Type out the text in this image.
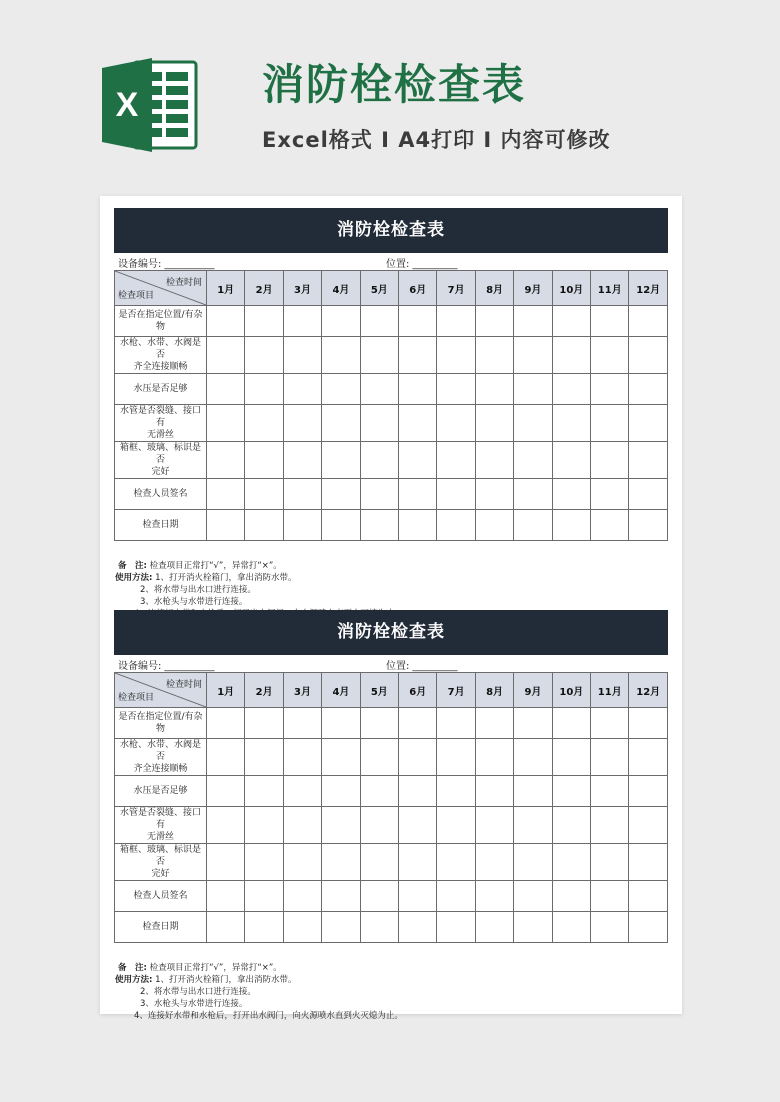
X	消防栓检查表
Excel格式 I A4打印 I 内容可修改
消防栓检查表
设备编号: __________	位置: _________
检查时间
检查项目	1月	2月	3月	4月	5月	6月	7月	8月	9月	10月	11月	12月

是否在指定位置/有杂物												

水枪、水带、水阀是否
齐全连接顺畅												

水压是否足够												

水管是否裂缝、接口有
无滑丝												

箱框、玻璃、标识是否
完好												

检查人员签名												

检查日期												

备　注: 检查项目正常打“√”，异常打“×”。
使用方法: 1、打开消火栓箱门，拿出消防水带。
2、将水带与出水口进行连接。
3、水枪头与水带进行连接。
消防栓检查表
设备编号: __________	位置: _________
检查时间
检查项目	1月	2月	3月	4月	5月	6月	7月	8月	9月	10月	11月	12月

是否在指定位置/有杂物												

水枪、水带、水阀是否
齐全连接顺畅												

水压是否足够												

水管是否裂缝、接口有
无滑丝												

箱框、玻璃、标识是否
完好												

检查人员签名												

检查日期												

备　注: 检查项目正常打“√”，异常打“×”。
使用方法: 1、打开消火栓箱门，拿出消防水带。
2、将水带与出水口进行连接。
3、水枪头与水带进行连接。
4、连接好水带和水枪后，打开出水阀门，向火源喷水直到火灭熄为止。
